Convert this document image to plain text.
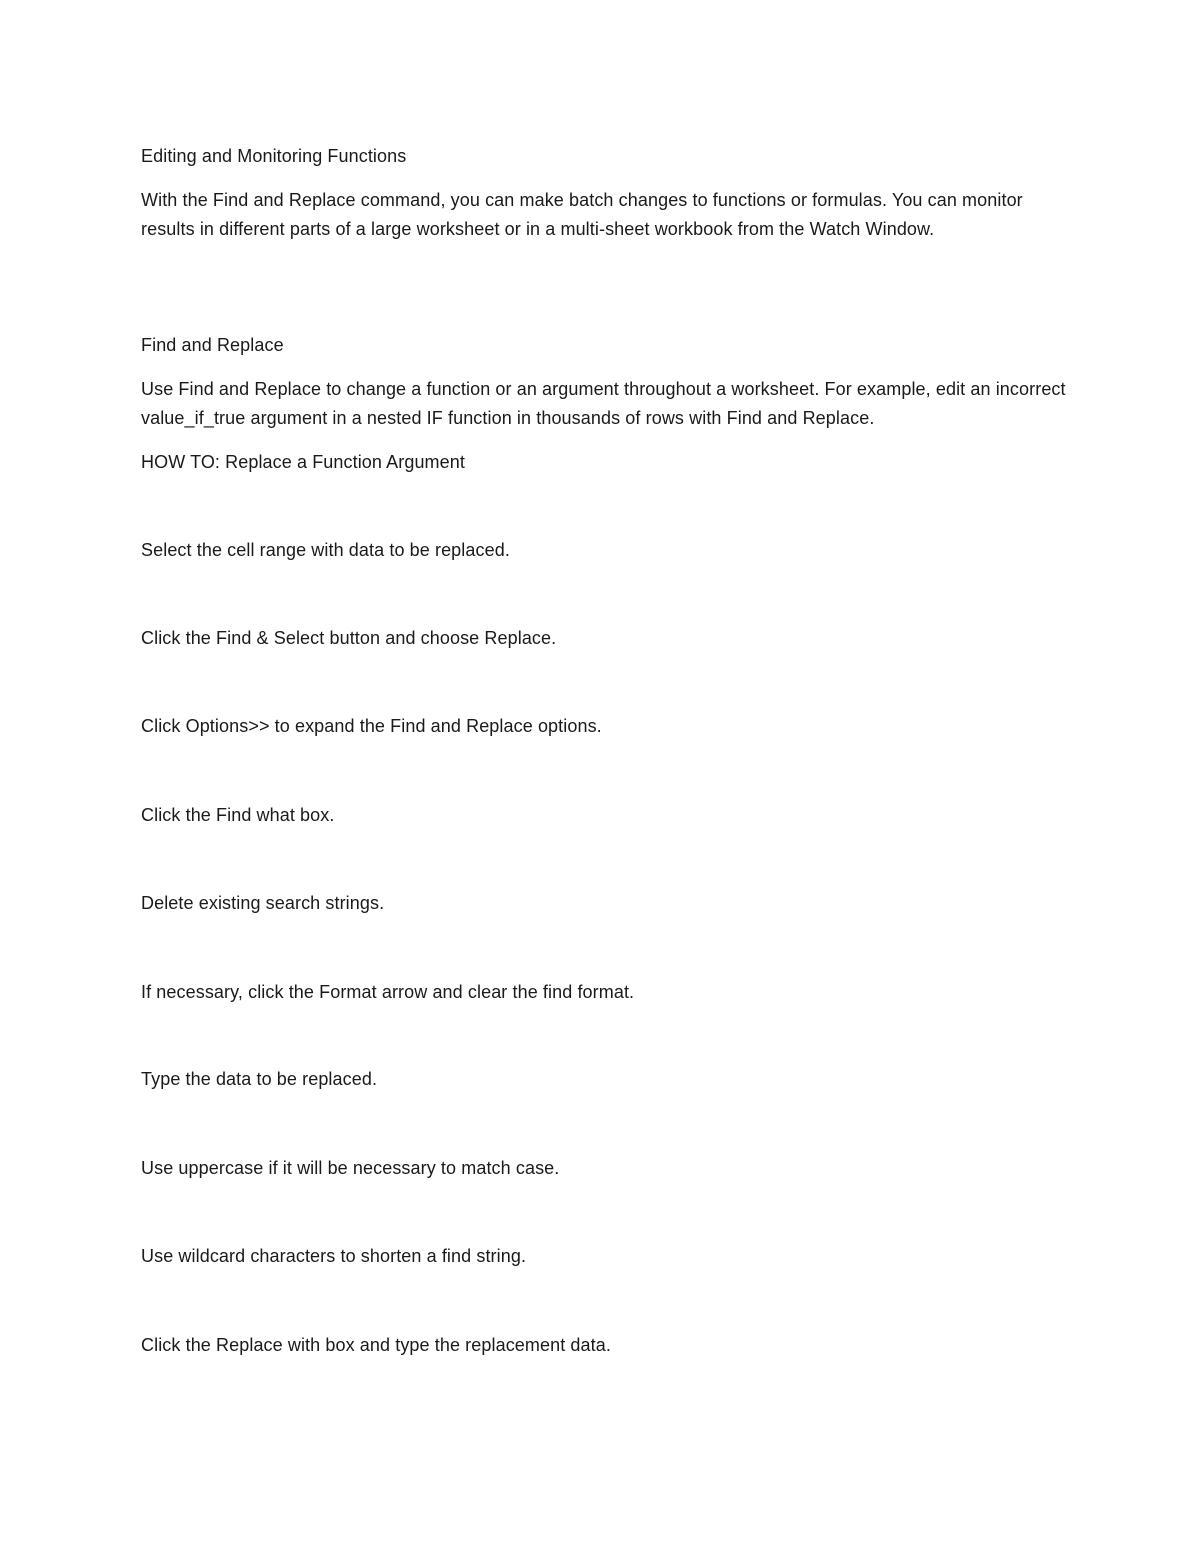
Editing and Monitoring Functions
With the Find and Replace command, you can make batch changes to functions or formulas. You can monitor results in different parts of a large worksheet or in a multi-sheet workbook from the Watch Window.
Find and Replace
Use Find and Replace to change a function or an argument throughout a worksheet. For example, edit an incorrect value_if_true argument in a nested IF function in thousands of rows with Find and Replace.
HOW TO: Replace a Function Argument
Select the cell range with data to be replaced.
Click the Find & Select button and choose Replace.
Click Options>> to expand the Find and Replace options.
Click the Find what box.
Delete existing search strings.
If necessary, click the Format arrow and clear the find format.
Type the data to be replaced.
Use uppercase if it will be necessary to match case.
Use wildcard characters to shorten a find string.
Click the Replace with box and type the replacement data.
